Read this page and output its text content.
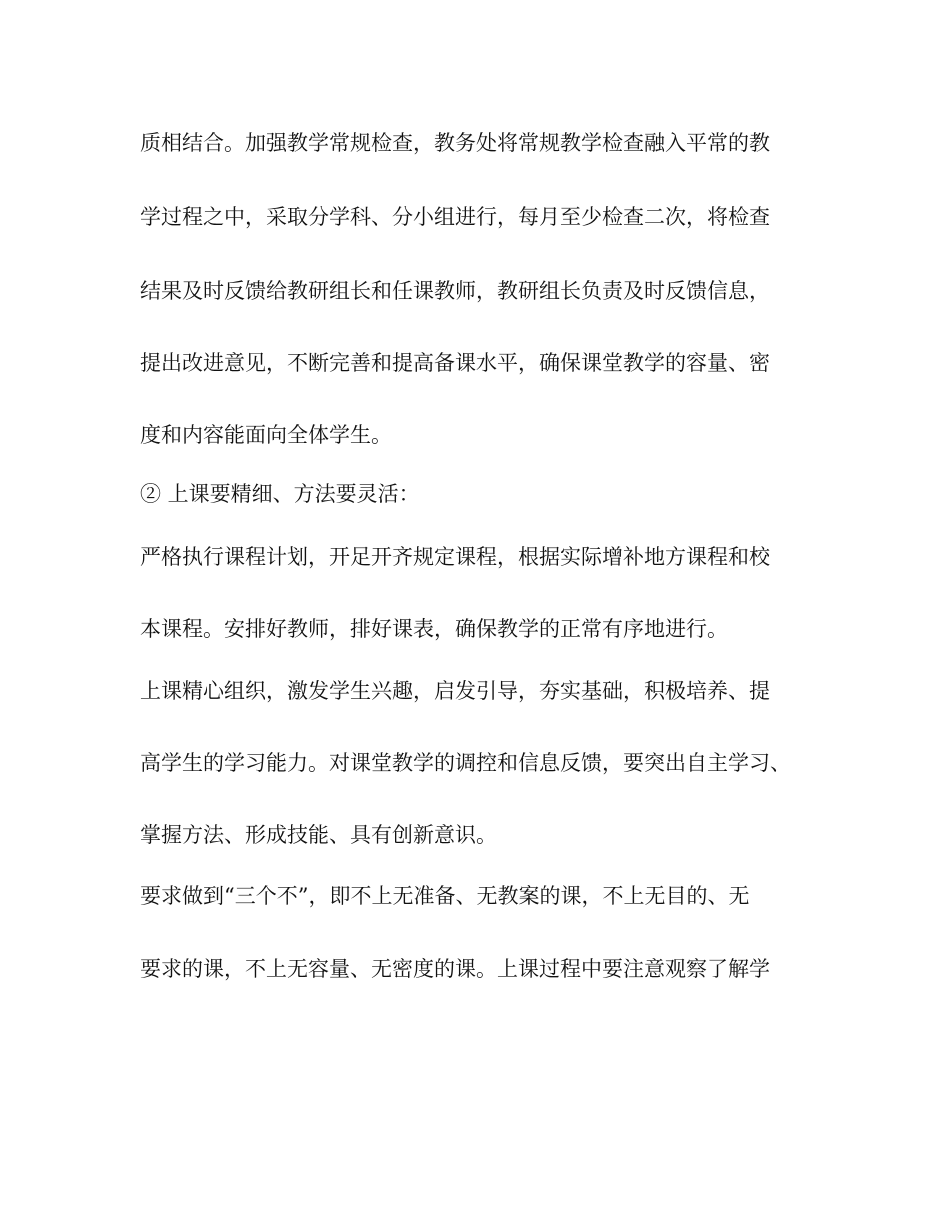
质相结合。加强教学常规检查，教务处将常规教学检查融入平常的教
学过程之中，采取分学科、分小组进行，每月至少检查二次，将检查
结果及时反馈给教研组长和任课教师，教研组长负责及时反馈信息，
提出改进意见，不断完善和提高备课水平，确保课堂教学的容量、密
度和内容能面向全体学生。
② 上课要精细、方法要灵活：
严格执行课程计划，开足开齐规定课程，根据实际增补地方课程和校
本课程。安排好教师，排好课表，确保教学的正常有序地进行。
上课精心组织，激发学生兴趣，启发引导，夯实基础，积极培养、提
高学生的学习能力。对课堂教学的调控和信息反馈，要突出自主学习、
掌握方法、形成技能、具有创新意识。
要求做到“三个不”，即不上无准备、无教案的课，不上无目的、无
要求的课，不上无容量、无密度的课。上课过程中要注意观察了解学
